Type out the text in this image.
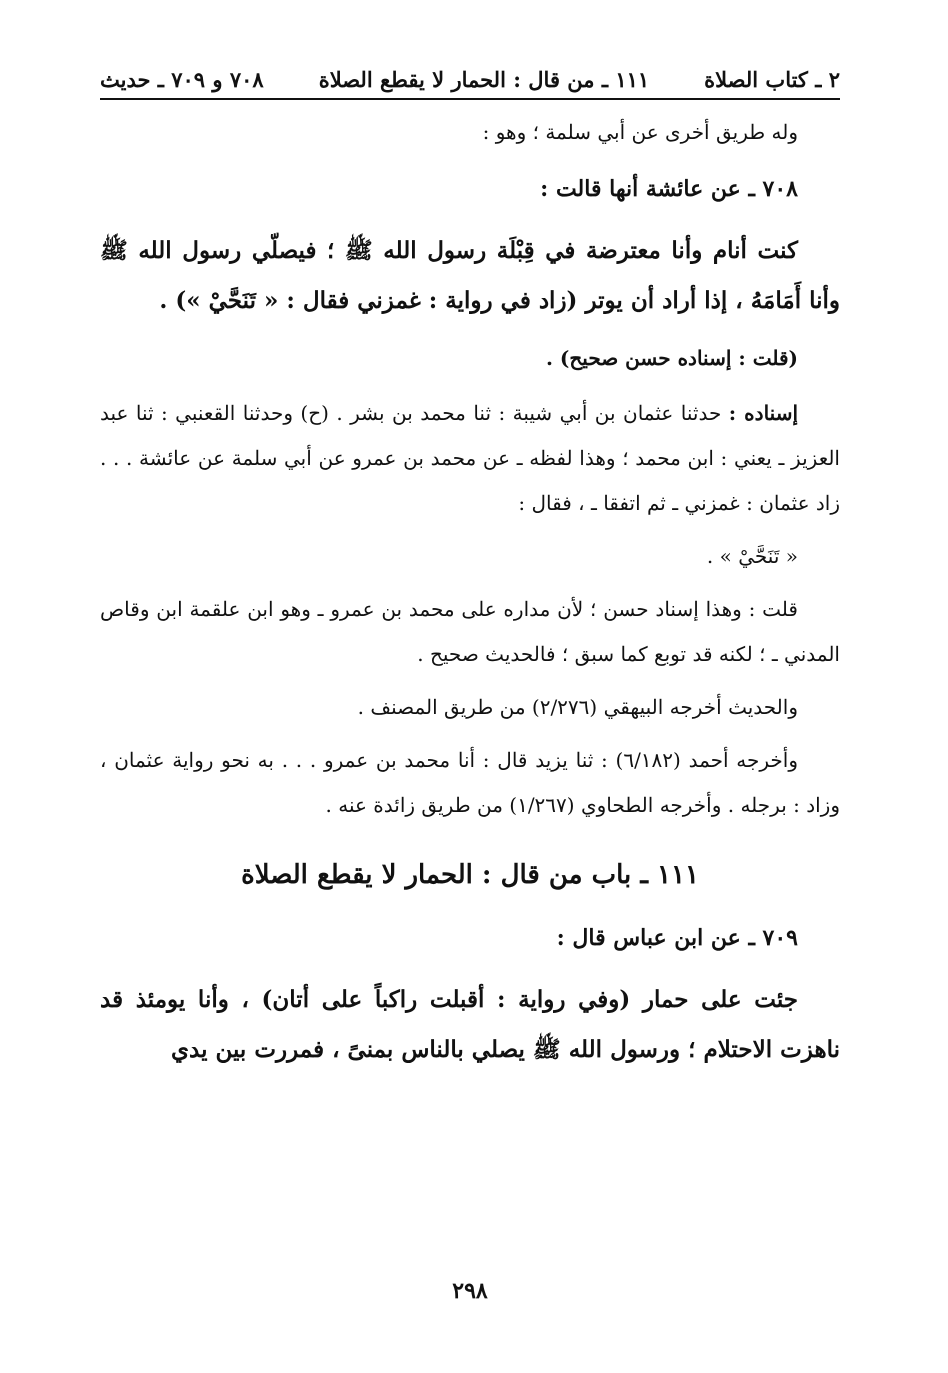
٢ ـ كتاب الصلاة
١١١ ـ من قال : الحمار لا يقطع الصلاة
٧٠٨ و ٧٠٩ ـ حديث

وله طريق أخرى عن أبي سلمة ؛ وهو :

٧٠٨ ـ عن عائشة أنها قالت :

كنت أنام وأنا معترضة في قِبْلَة رسول الله ﷺ ؛ فيصلّي رسول الله ﷺ وأنا أَمَامَهُ ، إذا أراد أن يوتر (زاد في رواية : غمزني فقال : « تَنَحَّيْ ») .

(قلت : إسناده حسن صحيح) .

إسناده : حدثنا عثمان بن أبي شيبة : ثنا محمد بن بشر . (ح) وحدثنا القعنبي : ثنا عبد العزيز ـ يعني : ابن محمد ؛ وهذا لفظه ـ عن محمد بن عمرو عن أبي سلمة عن عائشة . . . زاد عثمان : غمزني ـ ثم اتفقا ـ ، فقال :

« تَنَحَّيْ » .

قلت : وهذا إسناد حسن ؛ لأن مداره على محمد بن عمرو ـ وهو ابن علقمة ابن وقاص المدني ـ ؛ لكنه قد توبع كما سبق ؛ فالحديث صحيح .

والحديث أخرجه البيهقي (٢/٢٧٦) من طريق المصنف .

وأخرجه أحمد (٦/١٨٢) : ثنا يزيد قال : أنا محمد بن عمرو . . . به نحو رواية عثمان ، وزاد : برجله . وأخرجه الطحاوي (١/٢٦٧) من طريق زائدة عنه .

١١١ ـ باب من قال : الحمار لا يقطع الصلاة

٧٠٩ ـ عن ابن عباس قال :

جئت على حمار (وفي رواية : أقبلت راكباً على أتان) ، وأنا يومئذ قد ناهزت الاحتلام ؛ ورسول الله ﷺ يصلي بالناس بمنىً ، فمررت بين يدي

٢٩٨
